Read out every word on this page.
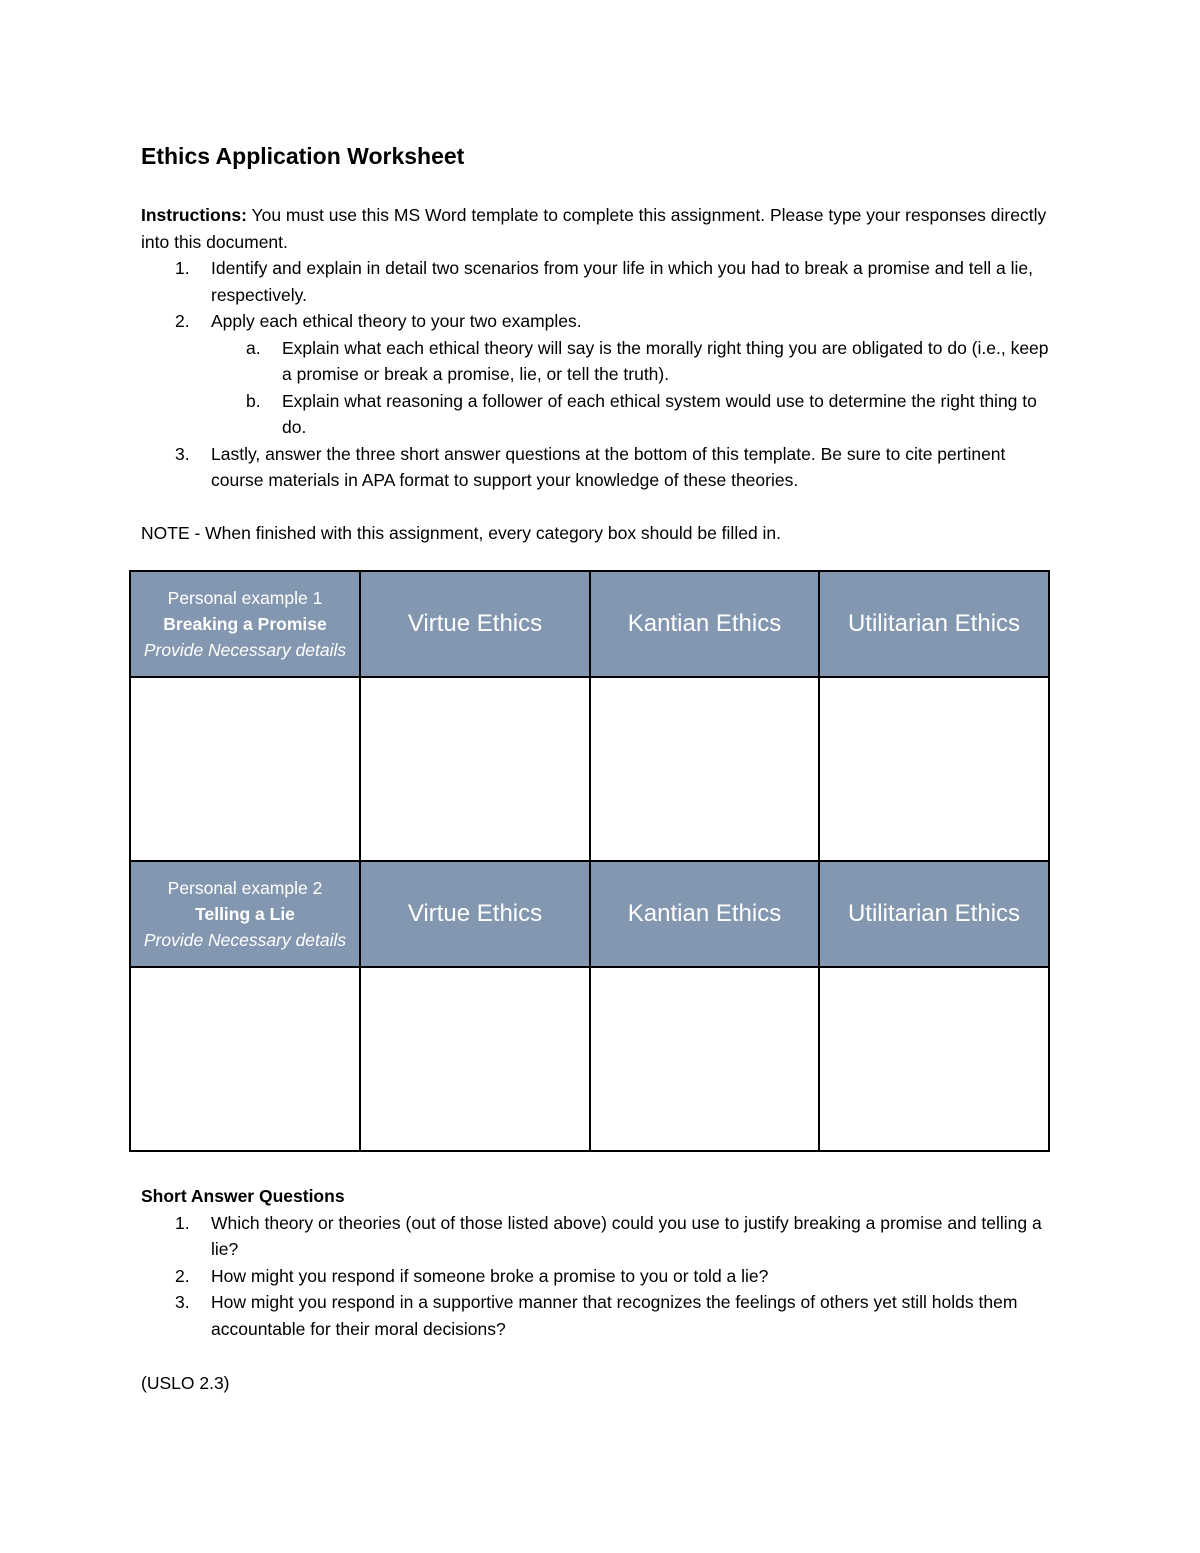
Ethics Application Worksheet

Instructions: You must use this MS Word template to complete this assignment. Please type your responses directly into this document.

1. Identify and explain in detail two scenarios from your life in which you had to break a promise and tell a lie, respectively.
2. Apply each ethical theory to your two examples.
a. Explain what each ethical theory will say is the morally right thing you are obligated to do (i.e., keep a promise or break a promise, lie, or tell the truth).
b. Explain what reasoning a follower of each ethical system would use to determine the right thing to do.
3. Lastly, answer the three short answer questions at the bottom of this template. Be sure to cite pertinent course materials in APA format to support your knowledge of these theories.
NOTE - When finished with this assignment, every category box should be filled in.
Personal example 1
Breaking a Promise
Provide Necessary details	Virtue Ethics	Kantian Ethics	Utilitarian Ethics

Personal example 2
Telling a Lie
Provide Necessary details	Virtue Ethics	Kantian Ethics	Utilitarian Ethics

Short Answer Questions
1. Which theory or theories (out of those listed above) could you use to justify breaking a promise and telling a lie?
2. How might you respond if someone broke a promise to you or told a lie?
3. How might you respond in a supportive manner that recognizes the feelings of others yet still holds them accountable for their moral decisions?
(USLO 2.3)
